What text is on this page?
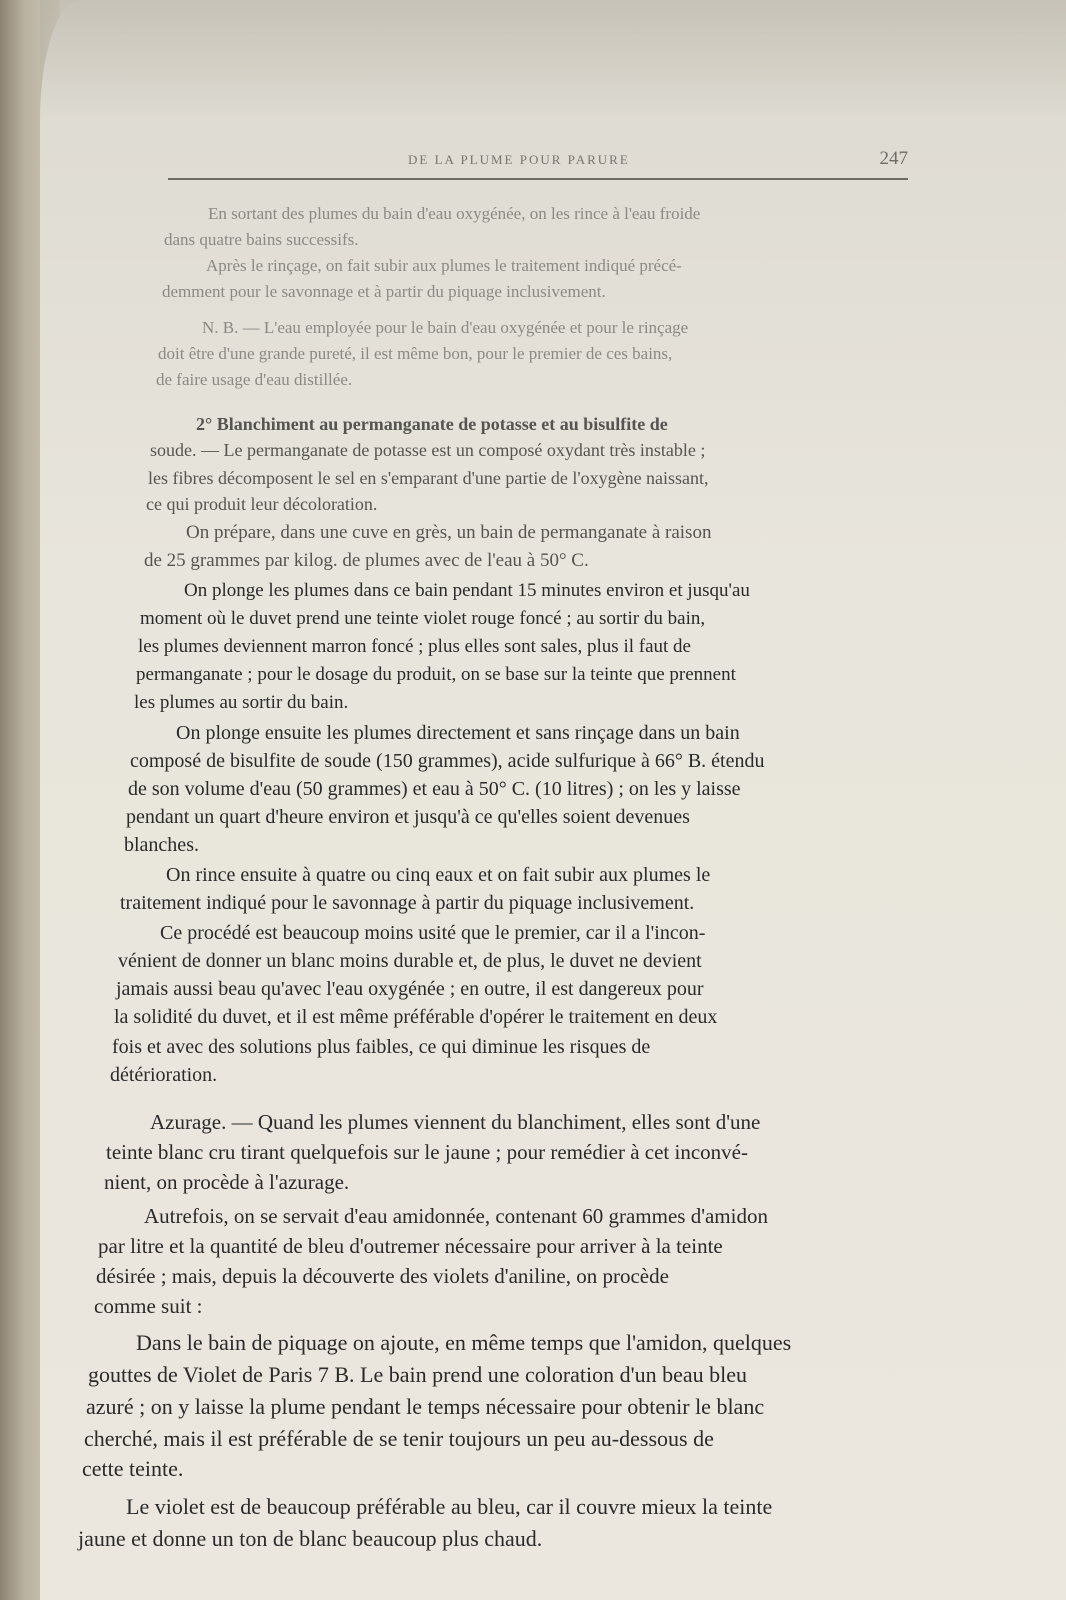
DE LA PLUME POUR PARURE	247
En sortant des plumes du bain d'eau oxygénée, on les rince à l'eau froide
dans quatre bains successifs.
Après le rinçage, on fait subir aux plumes le traitement indiqué précé-
demment pour le savonnage et à partir du piquage inclusivement.
N. B. — L'eau employée pour le bain d'eau oxygénée et pour le rinçage
doit être d'une grande pureté, il est même bon, pour le premier de ces bains,
de faire usage d'eau distillée.
2° Blanchiment au permanganate de potasse et au bisulfite de
soude. — Le permanganate de potasse est un composé oxydant très instable ;
les fibres décomposent le sel en s'emparant d'une partie de l'oxygène naissant,
ce qui produit leur décoloration.
On prépare, dans une cuve en grès, un bain de permanganate à raison
de 25 grammes par kilog. de plumes avec de l'eau à 50° C.
On plonge les plumes dans ce bain pendant 15 minutes environ et jusqu'au
moment où le duvet prend une teinte violet rouge foncé ; au sortir du bain,
les plumes deviennent marron foncé ; plus elles sont sales, plus il faut de
permanganate ; pour le dosage du produit, on se base sur la teinte que prennent
les plumes au sortir du bain.
On plonge ensuite les plumes directement et sans rinçage dans un bain
composé de bisulfite de soude (150 grammes), acide sulfurique à 66° B. étendu
de son volume d'eau (50 grammes) et eau à 50° C. (10 litres) ; on les y laisse
pendant un quart d'heure environ et jusqu'à ce qu'elles soient devenues
blanches.
On rince ensuite à quatre ou cinq eaux et on fait subir aux plumes le
traitement indiqué pour le savonnage à partir du piquage inclusivement.
Ce procédé est beaucoup moins usité que le premier, car il a l'incon-
vénient de donner un blanc moins durable et, de plus, le duvet ne devient
jamais aussi beau qu'avec l'eau oxygénée ; en outre, il est dangereux pour
la solidité du duvet, et il est même préférable d'opérer le traitement en deux
fois et avec des solutions plus faibles, ce qui diminue les risques de
détérioration.
Azurage. — Quand les plumes viennent du blanchiment, elles sont d'une
teinte blanc cru tirant quelquefois sur le jaune ; pour remédier à cet inconvé-
nient, on procède à l'azurage.
Autrefois, on se servait d'eau amidonnée, contenant 60 grammes d'amidon
par litre et la quantité de bleu d'outremer nécessaire pour arriver à la teinte
désirée ; mais, depuis la découverte des violets d'aniline, on procède
comme suit :
Dans le bain de piquage on ajoute, en même temps que l'amidon, quelques
gouttes de Violet de Paris 7 B. Le bain prend une coloration d'un beau bleu
azuré ; on y laisse la plume pendant le temps nécessaire pour obtenir le blanc
cherché, mais il est préférable de se tenir toujours un peu au-dessous de
cette teinte.
Le violet est de beaucoup préférable au bleu, car il couvre mieux la teinte
jaune et donne un ton de blanc beaucoup plus chaud.
